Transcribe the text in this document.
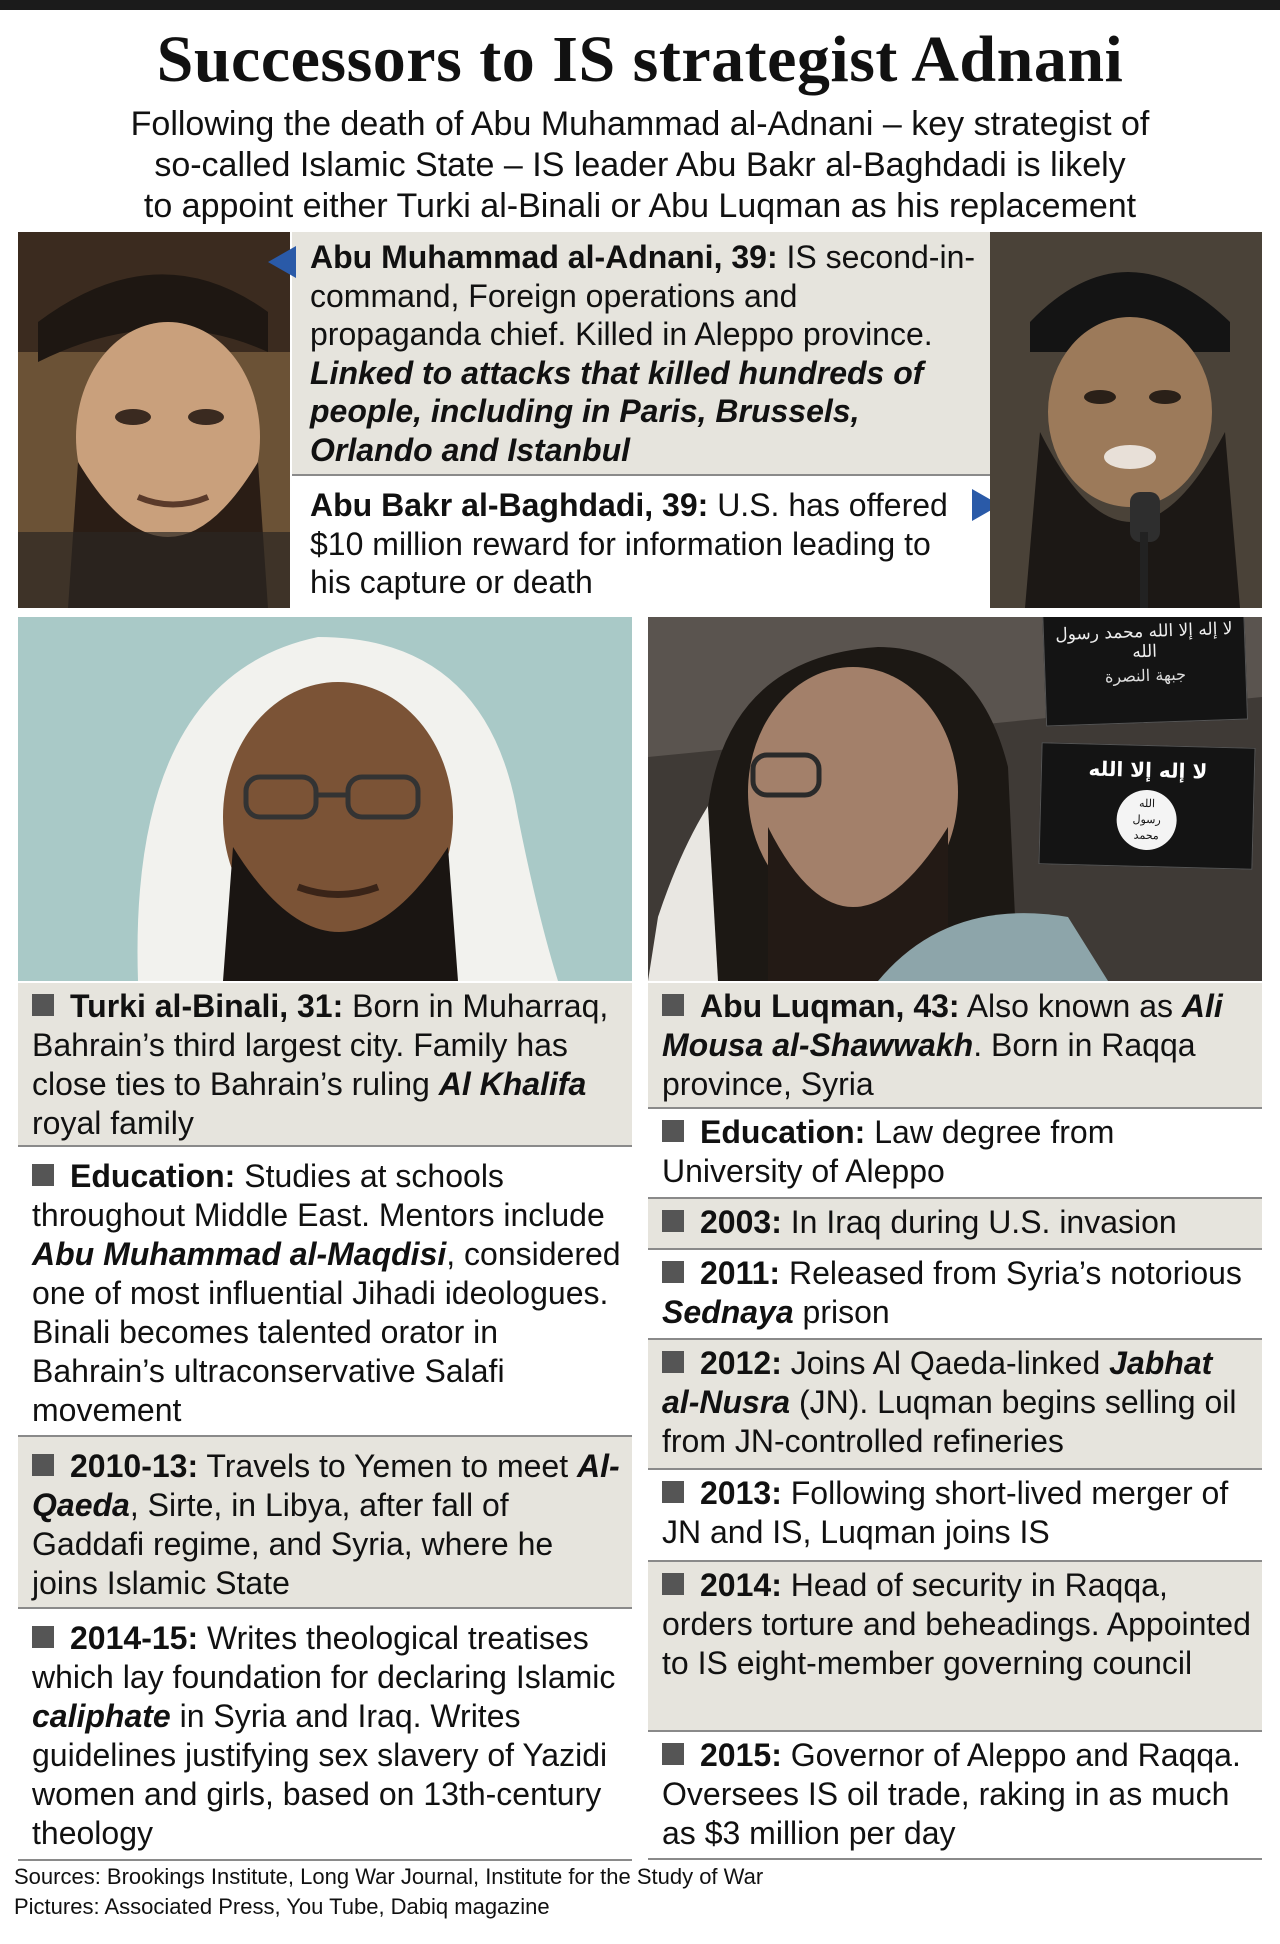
Successors to IS strategist Adnani
Following the death of Abu Muhammad al-Adnani – key strategist of
so-called Islamic State – IS leader Abu Bakr al-Baghdadi is likely
to appoint either Turki al-Binali or Abu Luqman as his replacement
Abu Muhammad al-Adnani, 39: IS second-in-command, Foreign operations and propaganda chief. Killed in Aleppo province. Linked to attacks that killed hundreds of people, including in Paris, Brussels, Orlando and Istanbul
Abu Bakr al-Baghdadi, 39: U.S. has offered $10 million reward for information leading to his capture or death
لا إله إلا الله محمد رسول الله
جبهة النصرة
لا إله إلا الله
الله
رسول
محمد
Turki al-Binali, 31: Born in Muharraq, Bahrain’s third largest city. Family has close ties to Bahrain’s ruling Al Khalifa royal family
Education: Studies at schools throughout Middle East. Mentors include Abu Muhammad al-Maqdisi, considered one of most influential Jihadi ideologues. Binali becomes talented orator in Bahrain’s ultraconservative Salafi movement
2010-13: Travels to Yemen to meet Al-Qaeda, Sirte, in Libya, after fall of Gaddafi regime, and Syria, where he joins Islamic State
2014-15: Writes theological treatises which lay foundation for declaring Islamic caliphate in Syria and Iraq. Writes guidelines justifying sex slavery of Yazidi women and girls, based on 13th-century theology
Abu Luqman, 43: Also known as Ali Mousa al-Shawwakh. Born in Raqqa province, Syria
Education: Law degree from University of Aleppo
2003: In Iraq during U.S. invasion
2011: Released from Syria’s notorious Sednaya prison
2012: Joins Al Qaeda-linked Jabhat al-Nusra (JN). Luqman begins selling oil from JN-controlled refineries
2013: Following short-lived merger of JN and IS, Luqman joins IS
2014: Head of security in Raqqa, orders torture and beheadings. Appointed to IS eight-member governing council
2015: Governor of Aleppo and Raqqa. Oversees IS oil trade, raking in as much as $3 million per day
Sources: Brookings Institute, Long War Journal, Institute for the Study of War
Pictures: Associated Press, You Tube, Dabiq magazine
